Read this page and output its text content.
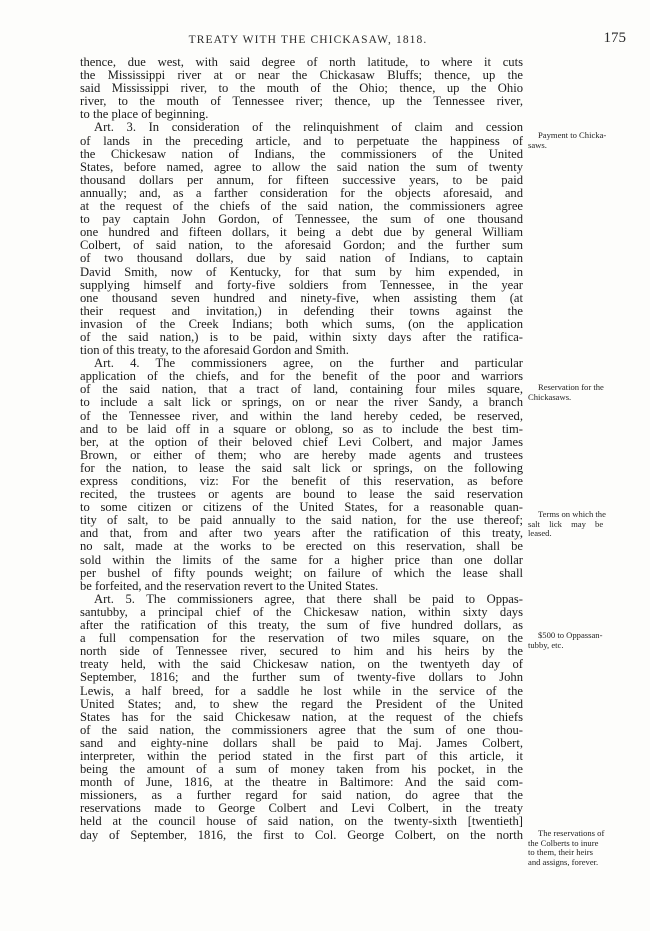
TREATY WITH THE CHICKASAW, 1818.	175
thence, due west, with said degree of north latitude, to where it cuts
the Mississippi river at or near the Chickasaw Bluffs; thence, up the
said Mississippi river, to the mouth of the Ohio; thence, up the Ohio
river, to the mouth of Tennessee river; thence, up the Tennessee river,
to the place of beginning.
Art. 3. In consideration of the relinquishment of claim and cession
of lands in the preceding article, and to perpetuate the happiness of
the Chickesaw nation of Indians, the commissioners of the United
States, before named, agree to allow the said nation the sum of twenty
thousand dollars per annum, for fifteen successive years, to be paid
annually; and, as a farther consideration for the objects aforesaid, and
at the request of the chiefs of the said nation, the commissioners agree
to pay captain John Gordon, of Tennessee, the sum of one thousand
one hundred and fifteen dollars, it being a debt due by general William
Colbert, of said nation, to the aforesaid Gordon; and the further sum
of two thousand dollars, due by said nation of Indians, to captain
David Smith, now of Kentucky, for that sum by him expended, in
supplying himself and forty-five soldiers from Tennessee, in the year
one thousand seven hundred and ninety-five, when assisting them (at
their request and invitation,) in defending their towns against the
invasion of the Creek Indians; both which sums, (on the application
of the said nation,) is to be paid, within sixty days after the ratifica-
tion of this treaty, to the aforesaid Gordon and Smith.
Art. 4. The commissioners agree, on the further and particular
application of the chiefs, and for the benefit of the poor and warriors
of the said nation, that a tract of land, containing four miles square,
to include a salt lick or springs, on or near the river Sandy, a branch
of the Tennessee river, and within the land hereby ceded, be reserved,
and to be laid off in a square or oblong, so as to include the best tim-
ber, at the option of their beloved chief Levi Colbert, and major James
Brown, or either of them; who are hereby made agents and trustees
for the nation, to lease the said salt lick or springs, on the following
express conditions, viz: For the benefit of this reservation, as before
recited, the trustees or agents are bound to lease the said reservation
to some citizen or citizens of the United States, for a reasonable quan-
tity of salt, to be paid annually to the said nation, for the use thereof;
and that, from and after two years after the ratification of this treaty,
no salt, made at the works to be erected on this reservation, shall be
sold within the limits of the same for a higher price than one dollar
per bushel of fifty pounds weight; on failure of which the lease shall
be forfeited, and the reservation revert to the United States.
Art. 5. The commissioners agree, that there shall be paid to Oppas-
santubby, a principal chief of the Chickesaw nation, within sixty days
after the ratification of this treaty, the sum of five hundred dollars, as
a full compensation for the reservation of two miles square, on the
north side of Tennessee river, secured to him and his heirs by the
treaty held, with the said Chickesaw nation, on the twentyeth day of
September, 1816; and the further sum of twenty-five dollars to John
Lewis, a half breed, for a saddle he lost while in the service of the
United States; and, to shew the regard the President of the United
States has for the said Chickesaw nation, at the request of the chiefs
of the said nation, the commissioners agree that the sum of one thou-
sand and eighty-nine dollars shall be paid to Maj. James Colbert,
interpreter, within the period stated in the first part of this article, it
being the amount of a sum of money taken from his pocket, in the
month of June, 1816, at the theatre in Baltimore: And the said com-
missioners, as a further regard for said nation, do agree that the
reservations made to George Colbert and Levi Colbert, in the treaty
held at the council house of said nation, on the twenty-sixth [twentieth]
day of September, 1816, the first to Col. George Colbert, on the north
Payment to Chicka-
saws.
Reservation for the
Chickasaws.
Terms on which the
salt lick may be
leased.
$500 to Oppassan-
tubby, etc.
The reservations of
the Colberts to inure
to them, their heirs
and assigns, forever.
